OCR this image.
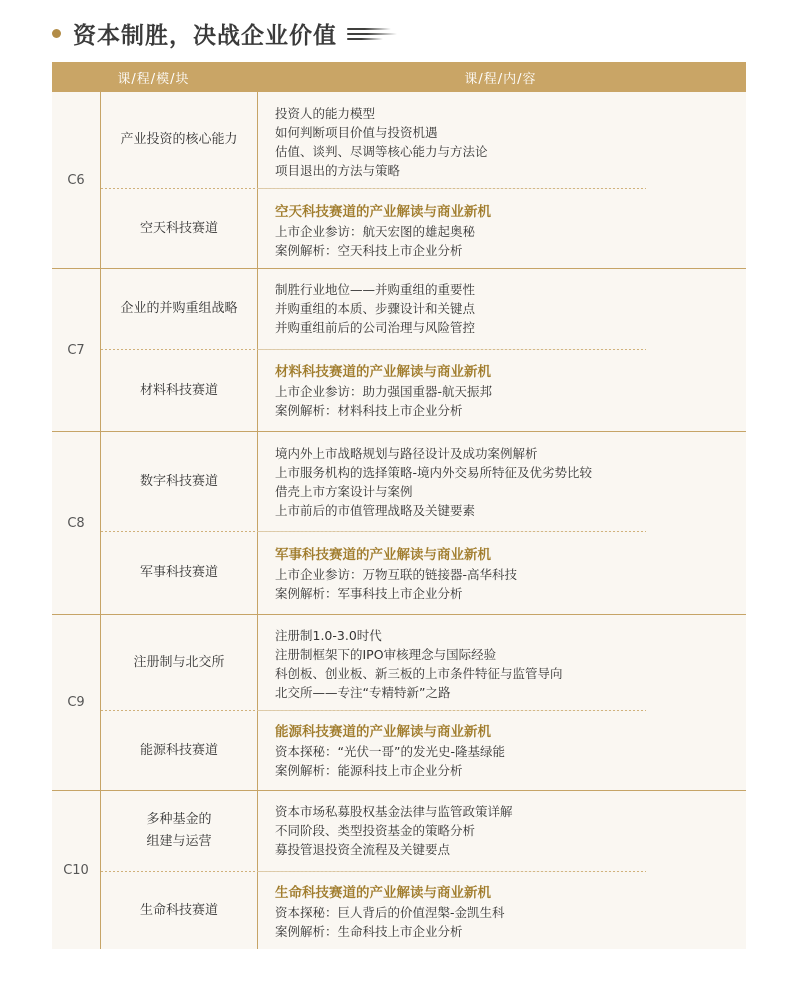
资本制胜，决战企业价值
课/程/模/块	课/程/内/容
C6
产业投资的核心能力
投资人的能力模型
如何判断项目价值与投资机遇
估值、谈判、尽调等核心能力与方法论
项目退出的方法与策略
空天科技赛道
空天科技赛道的产业解读与商业新机
上市企业参访：航天宏图的雄起奥秘
案例解析：空天科技上市企业分析
C7
企业的并购重组战略
制胜行业地位——并购重组的重要性
并购重组的本质、步骤设计和关键点
并购重组前后的公司治理与风险管控
材料科技赛道
材料科技赛道的产业解读与商业新机
上市企业参访：助力强国重器-航天振邦
案例解析：材料科技上市企业分析
C8
数字科技赛道
境内外上市战略规划与路径设计及成功案例解析
上市服务机构的选择策略-境内外交易所特征及优劣势比较
借壳上市方案设计与案例
上市前后的市值管理战略及关键要素
军事科技赛道
军事科技赛道的产业解读与商业新机
上市企业参访：万物互联的链接器-高华科技
案例解析：军事科技上市企业分析
C9
注册制与北交所
注册制1.0-3.0时代
注册制框架下的IPO审核理念与国际经验
科创板、创业板、新三板的上市条件特征与监管导向
北交所——专注“专精特新”之路
能源科技赛道
能源科技赛道的产业解读与商业新机
资本探秘：“光伏一哥”的发光史-隆基绿能
案例解析：能源科技上市企业分析
C10
多种基金的
组建与运营
资本市场私募股权基金法律与监管政策详解
不同阶段、类型投资基金的策略分析
募投管退投资全流程及关键要点
生命科技赛道
生命科技赛道的产业解读与商业新机
资本探秘：巨人背后的价值涅槃-金凯生科
案例解析：生命科技上市企业分析
